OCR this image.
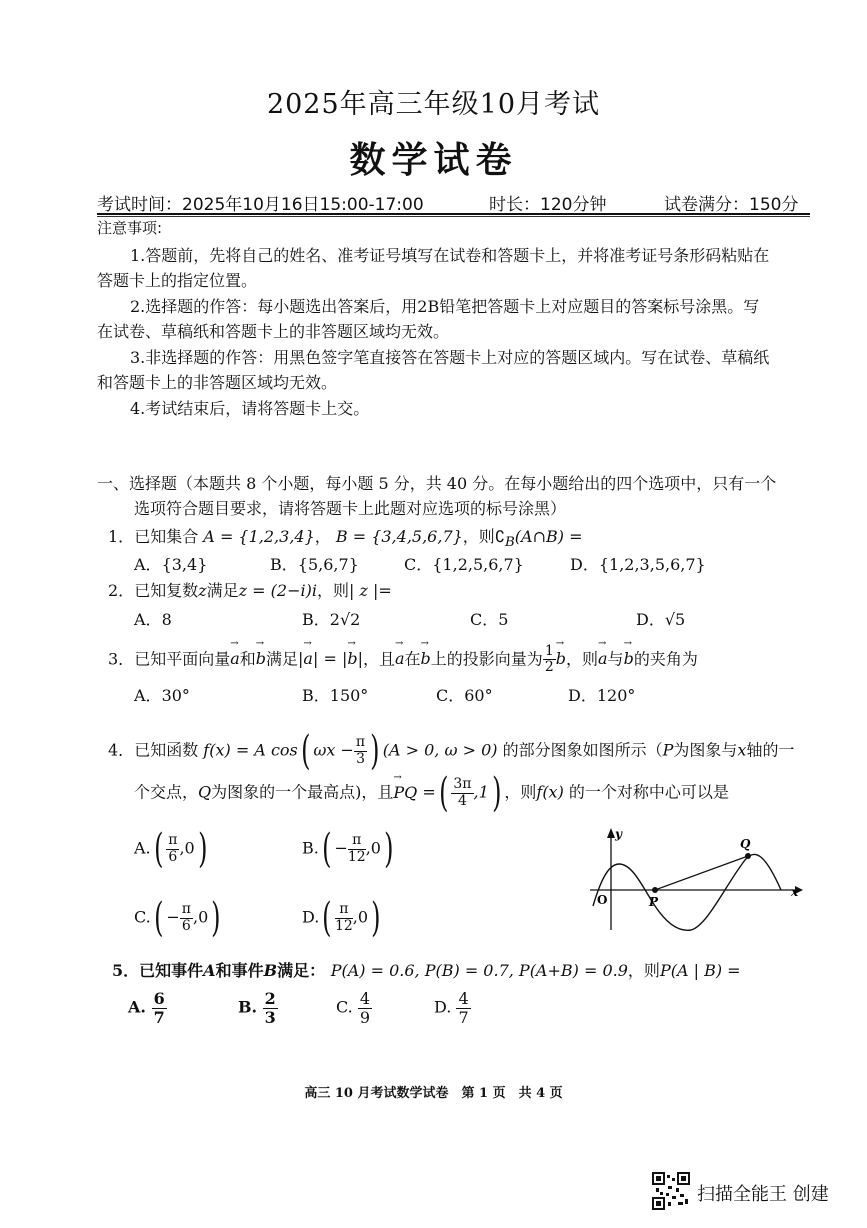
2025年高三年级10月考试
数学试卷
考试时间：2025年10月16日15:00-17:00	时长：120分钟	试卷满分：150分
注意事项:
1.答题前，先将自己的姓名、准考证号填写在试卷和答题卡上，并将准考证号条形码粘贴在
答题卡上的指定位置。
2.选择题的作答：每小题选出答案后，用2B铅笔把答题卡上对应题目的答案标号涂黑。写
在试卷、草稿纸和答题卡上的非答题区域均无效。
3.非选择题的作答：用黑色签字笔直接答在答题卡上对应的答题区域内。写在试卷、草稿纸
和答题卡上的非答题区域均无效。
4.考试结束后，请将答题卡上交。
一、选择题（本题共 8 个小题，每小题 5 分，共 40 分。在每小题给出的四个选项中，只有一个
选项符合题目要求，请将答题卡上此题对应选项的标号涂黑）
1．已知集合 A = {1,2,3,4}， B = {3,4,5,6,7}，则$∁_B(A\cap B)$ =
A．{3,4}	B．{5,6,7}	C．{1,2,5,6,7}	D．{1,2,3,5,6,7}
2．已知复数z满足z = (2−i)i，则| z |=
A．8	B．2√2	C．5	D．√5
3．已知平面向量→ a和→ b满足|→ a| = |→ b|，且→ a在→ b上的投影向量为 $\frac{1}{2}$
→ b，则→ a与→ b的夹角为
A．30°	B．150°	C．60°	D．120°
4．已知函数 f(x) = A cos( $\omega x - \frac{\pi}{3}$ ) (A > 0, ω > 0) 的部分图象如图所示（P为图象与x轴的一
个交点，Q为图象的一个最高点)，且→ PQ =( $\frac{3\pi}{4} ,1$) ，则f(x) 的一个对称中心可以是
$A.( \frac{\pi}{6} ,0)$	$B.( - \frac{\pi}{12} ,0)$
$C.( - \frac{\pi}{6} ,0)$	$D.( \frac{\pi}{12} ,0)$
y
x
O	P
Q
5．已知事件A和事件B满足： P(A) = 0.6, P(B) = 0.7, P(A+B) = 0.9，则P(A | B) =
A. $\frac{6}{7}$	B. $\frac{2}{3}$	C. $\frac{4}{9}$	D. $\frac{4}{7}$
高三 10 月考试数学试卷　第 1 页　共 4 页
扫描全能王 创建
